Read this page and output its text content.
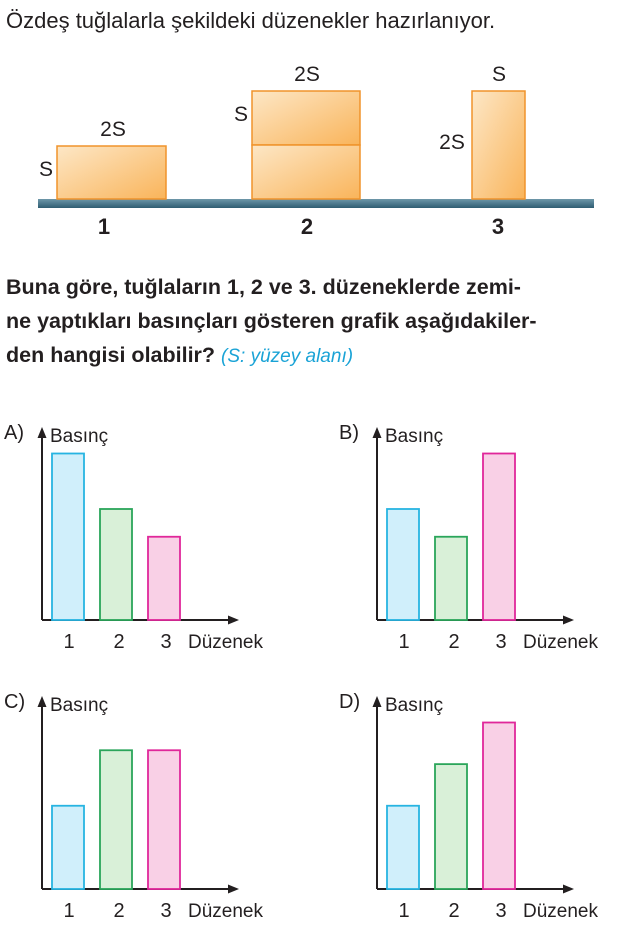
Özdeş tuğlalarla şekildeki düzenekler hazırlanıyor.
2S
S
1
2S
S
2
S
2S
3
Buna göre, tuğlaların 1, 2 ve 3. düzeneklerde zemi-
ne yaptıkları basınçları gösteren grafik aşağıdakiler-
den hangisi olabilir? (S: yüzey alanı)
A) Basınç
Düzenek
1 2 3
B) Basınç
Düzenek
1 2 3
C) Basınç
Düzenek
1 2 3
D) Basınç
Düzenek
1 2 3
